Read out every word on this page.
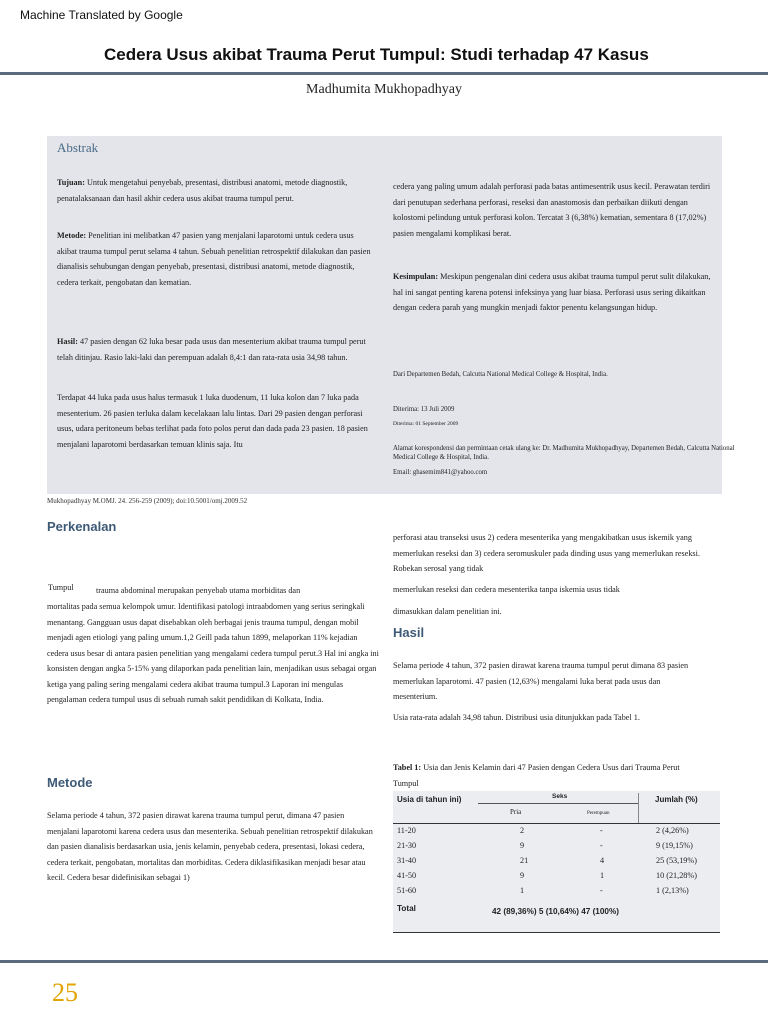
Machine Translated by Google
Cedera Usus akibat Trauma Perut Tumpul: Studi terhadap 47 Kasus
Madhumita Mukhopadhyay
Abstrak
Tujuan: Untuk mengetahui penyebab, presentasi, distribusi anatomi, metode diagnostik, penatalaksanaan dan hasil akhir cedera usus akibat trauma tumpul perut.
Metode: Penelitian ini melibatkan 47 pasien yang menjalani laparotomi untuk cedera usus akibat trauma tumpul perut selama 4 tahun. Sebuah penelitian retrospektif dilakukan dan pasien dianalisis sehubungan dengan penyebab, presentasi, distribusi anatomi, metode diagnostik, cedera terkait, pengobatan dan kematian.
Hasil: 47 pasien dengan 62 luka besar pada usus dan mesenterium akibat trauma tumpul perut telah ditinjau. Rasio laki-laki dan perempuan adalah 8,4:1 dan rata-rata usia 34,98 tahun.
Terdapat 44 luka pada usus halus termasuk 1 luka duodenum, 11 luka kolon dan 7 luka pada mesenterium. 26 pasien terluka dalam kecelakaan lalu lintas. Dari 29 pasien dengan perforasi usus, udara peritoneum bebas terlihat pada foto polos perut dan dada pada 23 pasien. 18 pasien menjalani laparotomi berdasarkan temuan klinis saja. Itu
cedera yang paling umum adalah perforasi pada batas antimesentrik usus kecil. Perawatan terdiri dari penutupan sederhana perforasi, reseksi dan anastomosis dan perbaikan diikuti dengan kolostomi pelindung untuk perforasi kolon. Tercatat 3 (6,38%) kematian, sementara 8 (17,02%) pasien mengalami komplikasi berat.
Kesimpulan: Meskipun pengenalan dini cedera usus akibat trauma tumpul perut sulit dilakukan, hal ini sangat penting karena potensi infeksinya yang luar biasa. Perforasi usus sering dikaitkan dengan cedera parah yang mungkin menjadi faktor penentu kelangsungan hidup.
Dari Departemen Bedah, Calcutta National Medical College & Hospital, India.
Diterima: 13 Juli 2009
Diterima: 01 September 2009
Alamat korespondensi dan permintaan cetak ulang ke: Dr. Madhumita Mukhopadhyay, Departemen Bedah, Calcutta National Medical College & Hospital, India.
Email: ghasemim841@yahoo.com
Mukhopadhyay M.OMJ. 24. 256-259 (2009); doi:10.5001/omj.2009.52
Perkenalan
Tumpul	trauma abdominal merupakan penyebab utama morbiditas dan
mortalitas pada semua kelompok umur. Identifikasi patologi intraabdomen yang serius seringkali menantang. Gangguan usus dapat disebabkan oleh berbagai jenis trauma tumpul, dengan mobil menjadi agen etiologi yang paling umum.1,2 Geill pada tahun 1899, melaporkan 11% kejadian cedera usus besar di antara pasien penelitian yang mengalami cedera tumpul perut.3 Hal ini angka ini konsisten dengan angka 5-15% yang dilaporkan pada penelitian lain, menjadikan usus sebagai organ ketiga yang paling sering mengalami cedera akibat trauma tumpul.3 Laporan ini mengulas pengalaman cedera tumpul usus di sebuah rumah sakit pendidikan di Kolkata, India.
Metode
Selama periode 4 tahun, 372 pasien dirawat karena trauma tumpul perut, dimana 47 pasien menjalani laparotomi karena cedera usus dan mesenterika. Sebuah penelitian retrospektif dilakukan dan pasien dianalisis berdasarkan usia, jenis kelamin, penyebab cedera, presentasi, lokasi cedera, cedera terkait, pengobatan, mortalitas dan morbiditas. Cedera diklasifikasikan menjadi besar atau kecil. Cedera besar didefinisikan sebagai 1)
perforasi atau transeksi usus 2) cedera mesenterika yang mengakibatkan usus iskemik yang memerlukan reseksi dan 3) cedera seromuskuler pada dinding usus yang memerlukan reseksi. Robekan serosal yang tidak
memerlukan reseksi dan cedera mesenterika tanpa iskemia usus tidak
dimasukkan dalam penelitian ini.
Hasil
Selama periode 4 tahun, 372 pasien dirawat karena trauma tumpul perut dimana 83 pasien memerlukan laparotomi. 47 pasien (12,63%) mengalami luka berat pada usus dan mesenterium.
Usia rata-rata adalah 34,98 tahun. Distribusi usia ditunjukkan pada Tabel 1.
Tabel 1: Usia dan Jenis Kelamin dari 47 Pasien dengan Cedera Usus dari Trauma Perut Tumpul
Usia di tahun ini)	Seks	Jumlah (%)
Pria	Perempuan
11-20	2	-	2 (4,26%)
21-30	9	-	9 (19,15%)
31-40	21	4	25 (53,19%)
41-50	9	1	10 (21,28%)
51-60	1	-	1 (2,13%)
Total	42 (89,36%) 5 (10,64%) 47 (100%)
25
